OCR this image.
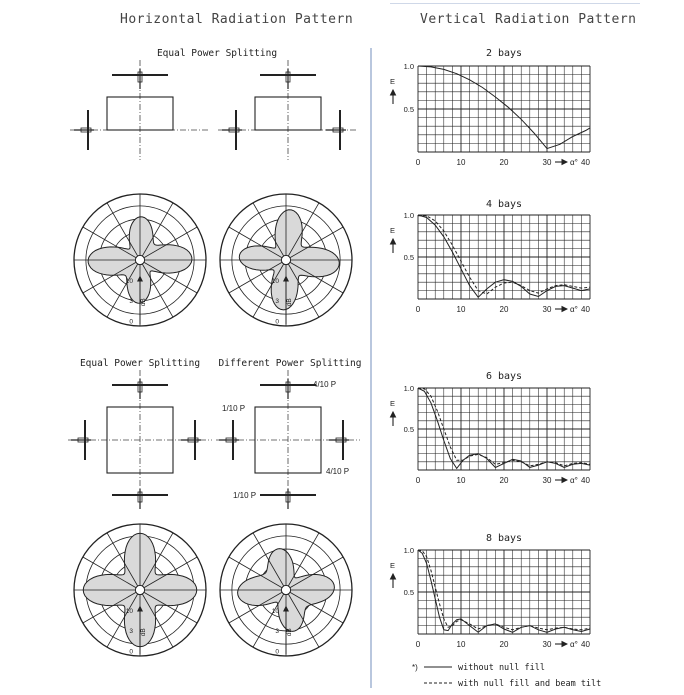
Horizontal Radiation Pattern	Vertical Radiation Pattern
Equal Power Splitting
Equal Power Splitting Different Power Splitting
4/10 P
1/10 P
4/10 P
1/10 P
10
3
0
dB
10
3
0
dB
10
3
0
dB
10
3
0
dB
2 bays
0.5
1.0
E
0	10	20	30 α° 40
4 bays
0.5
1.0
E
0	10	20	30 α° 40
6 bays
0.5
1.0
E
0	10	20	30 α° 40
8 bays
0.5
1.0
E
0	10	20	30 α° 40
*)	without null fill
with null fill and beam tilt
